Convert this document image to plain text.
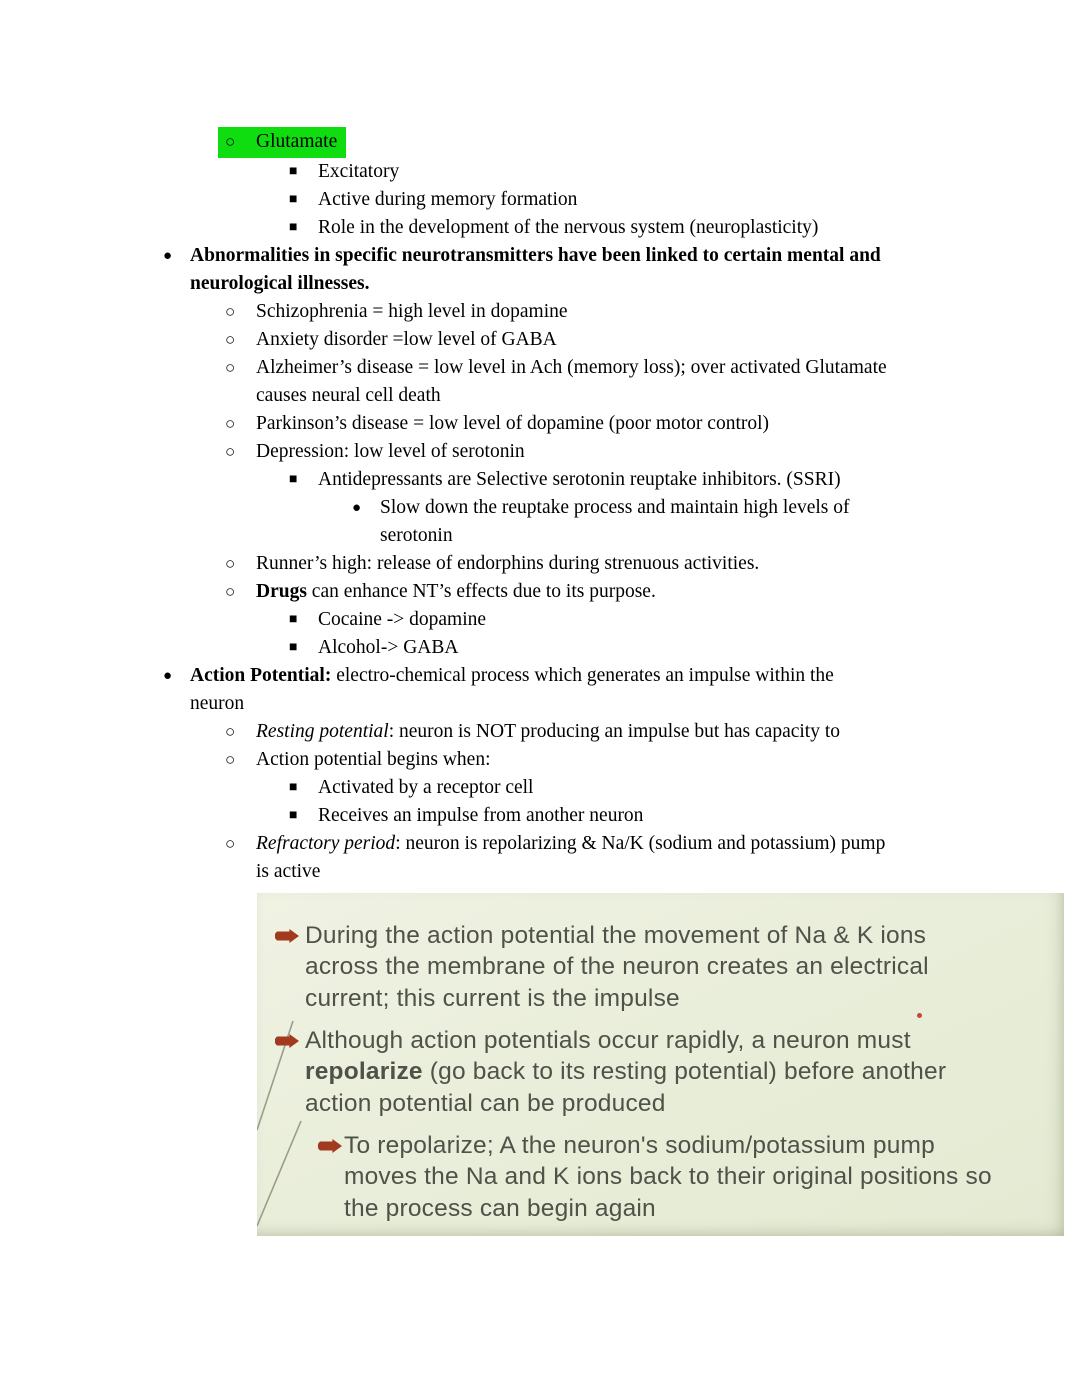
○	Glutamate
■	Excitatory
■	Active during memory formation
■	Role in the development of the nervous system (neuroplasticity)
● Abnormalities in specific neurotransmitters have been linked to certain mental and
neurological illnesses.
○	Schizophrenia = high level in dopamine
○	Anxiety disorder =low level of GABA
○	Alzheimer’s disease = low level in Ach (memory loss); over activated Glutamate
causes neural cell death
○	Parkinson’s disease = low level of dopamine (poor motor control)
○	Depression: low level of serotonin
■	Antidepressants are Selective serotonin reuptake inhibitors. (SSRI)
● Slow down the reuptake process and maintain high levels of
serotonin
○	Runner’s high: release of endorphins during strenuous activities.
○	Drugs can enhance NT’s effects due to its purpose.
■	Cocaine -> dopamine
■	Alcohol-> GABA
● Action Potential: electro-chemical process which generates an impulse within the
neuron
○	Resting potential: neuron is NOT producing an impulse but has capacity to
○	Action potential begins when:
■	Activated by a receptor cell
■	Receives an impulse from another neuron
○	Refractory period: neuron is repolarizing & Na/K (sodium and potassium) pump
is active
During the action potential the movement of Na & K ions
across the membrane of the neuron creates an electrical
current; this current is the impulse
Although action potentials occur rapidly, a neuron must
repolarize (go back to its resting potential) before another
action potential can be produced
To repolarize; A the neuron's sodium/potassium pump
moves the Na and K ions back to their original positions so
the process can begin again
